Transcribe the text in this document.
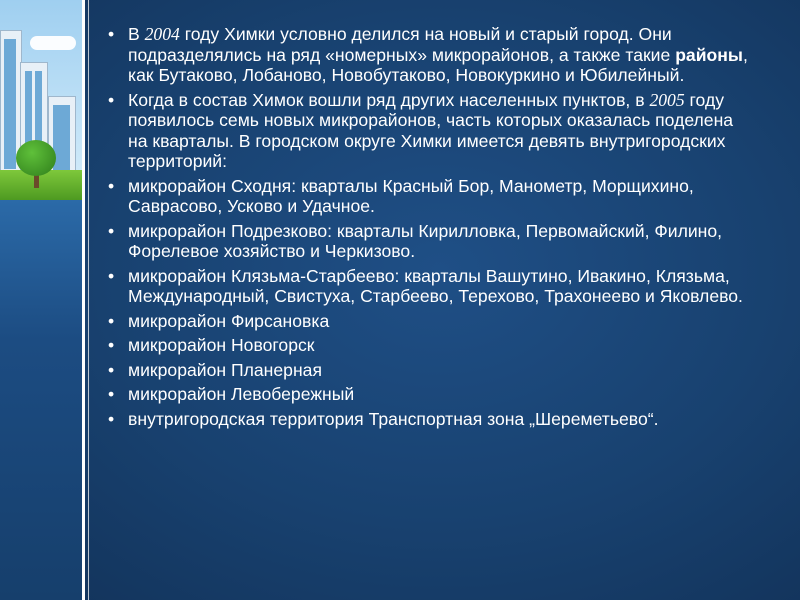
• В 2004 году Химки условно делился на новый и старый город. Они подразделялись на ряд «номерных» микрорайонов, а также такие районы, как Бутаково, Лобаново, Новобутаково, Новокуркино и Юбилейный.
• Когда в состав Химок вошли ряд других населенных пунктов, в 2005 году появилось семь новых микрорайонов, часть которых оказалась поделена на кварталы. В городском округе Химки имеется девять внутригородских территорий:
• микрорайон Сходня: кварталы Красный Бор, Манометр, Морщихино, Саврасово, Усково и Удачное.
• микрорайон Подрезково: кварталы Кирилловка, Первомайский, Филино, Форелевое хозяйство и Черкизово.
• микрорайон Клязьма-Старбеево: кварталы Вашутино, Ивакино, Клязьма, Международный, Свистуха, Старбеево, Терехово, Трахонеево и Яковлево.
• микрорайон Фирсановка
• микрорайон Новогорск
• микрорайон Планерная
• микрорайон Левобережный
• внутригородская территория Транспортная зона „Шереметьево“.
